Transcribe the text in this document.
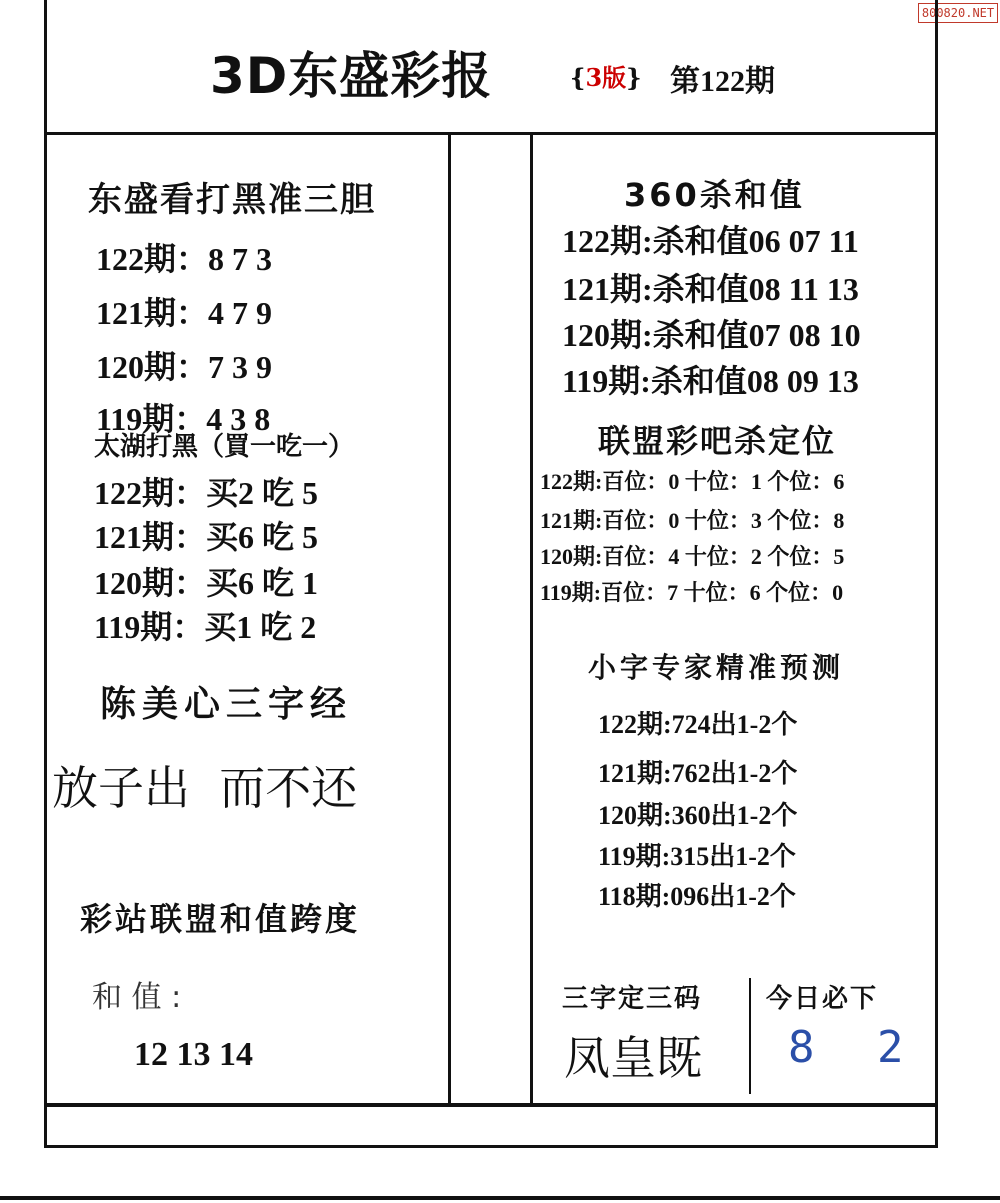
800820.NET
3D东盛彩报	{3版} 第122期
东盛看打黑准三胆
122期：8 7 3
121期：4 7 9
120期：7 3 9
119期：4 3 8
太湖打黑（買一吃一）
122期：买2 吃 5
121期：买6 吃 5
120期：买6 吃 1
119期：买1 吃 2
陈美心三字经
放子出  而不还
彩站联盟和值跨度
和 值 :
12 13 14
360杀和值
122期:杀和值06 07 11
121期:杀和值08 11 13
120期:杀和值07 08 10
119期:杀和值08 09 13
联盟彩吧杀定位
122期:百位：0 十位：1 个位：6
121期:百位：0 十位：3 个位：8
120期:百位：4 十位：2 个位：5
119期:百位：7 十位：6 个位：0
小字专家精准预测
122期:724出1-2个
121期:762出1-2个
120期:360出1-2个
119期:315出1-2个
118期:096出1-2个
三字定三码
凤皇既
今日必下
8 2
